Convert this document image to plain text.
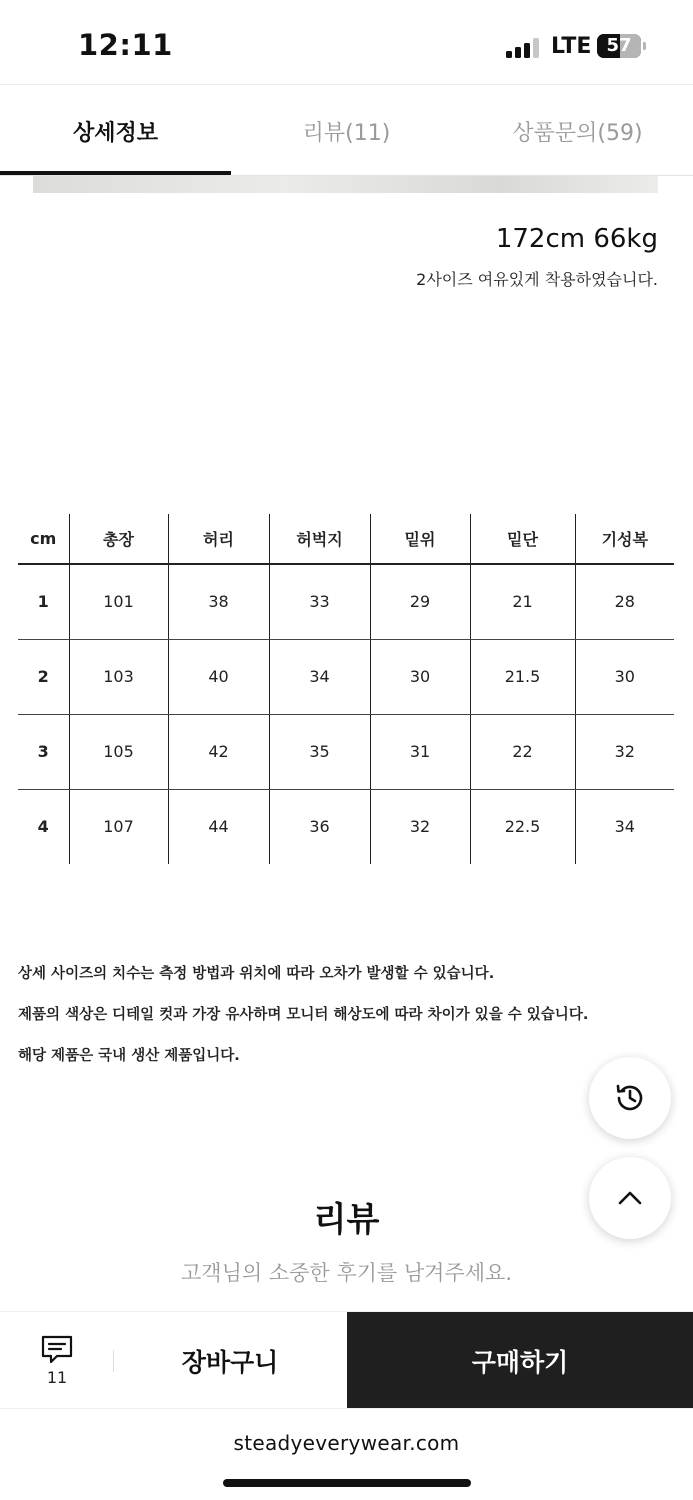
12:11	LTE 57
상세정보	리뷰(11)	상품문의(59)
172cm 66kg
2사이즈 여유있게 착용하였습니다.
cm	총장	허리	허벅지	밑위	밑단	기성복
1	101	38	33	29	21	28
2	103	40	34	30	21.5	30
3	105	42	35	31	22	32
4	107	44	36	32	22.5	34
상세 사이즈의 치수는 측정 방법과 위치에 따라 오차가 발생할 수 있습니다.
제품의 색상은 디테일 컷과 가장 유사하며 모니터 해상도에 따라 차이가 있을 수 있습니다.
해당 제품은 국내 생산 제품입니다.
리뷰
고객님의 소중한 후기를 남겨주세요.
11
장바구니	구매하기
steadyeverywear.com
